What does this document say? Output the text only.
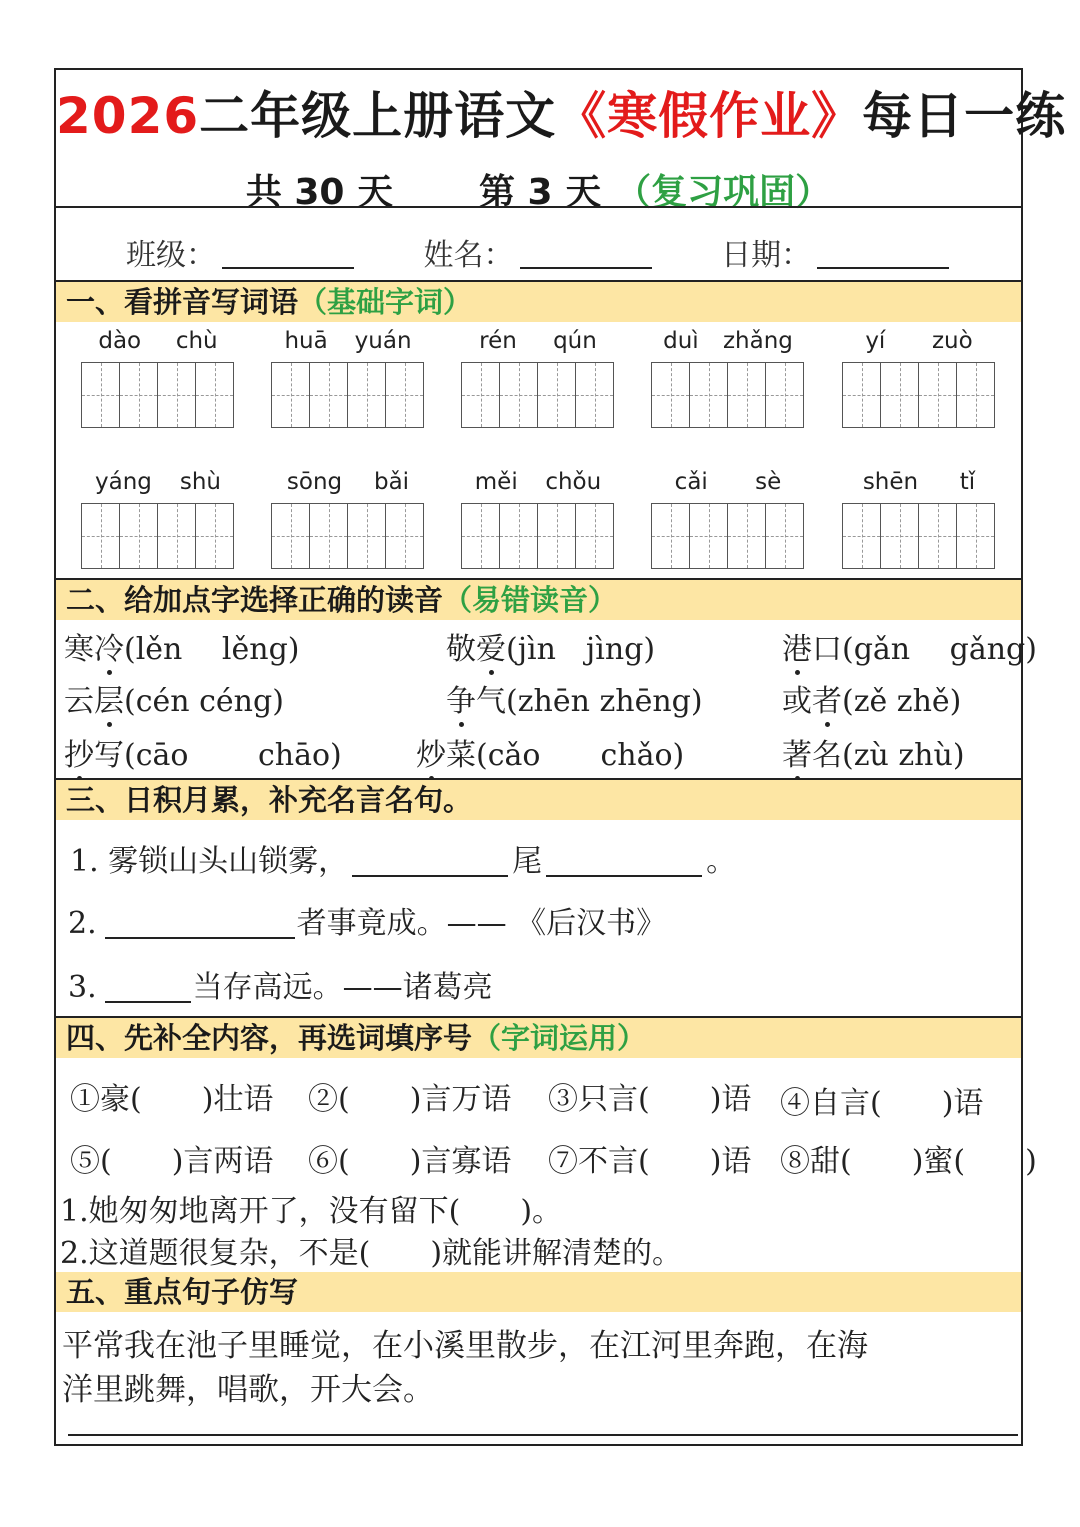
2026二年级上册语文《寒假作业》每日一练
共 30 天 第 3 天 （复习巩固）
班级：	姓名：	日期：
一、看拼音写词语（基础字词）
dào chù	huā yuán	rén qún	duì zhǎng	yí zuò
yáng shù	sōng bǎi	měi chǒu	cǎi sè	shēn tǐ
二、给加点字选择正确的读音（易错读音）
寒冷(lěn　 lěng)	敬爱(jìn　jìng)	港口(gǎn　 gǎng)
云层(cén céng)	争气(zhēn zhēng)	或者(zě zhě)
抄写(cāo　　 chāo) 炒菜(cǎo　　chǎo)	著名(zù zhù)
三、日积月累，补充名言名句。
1. 雾锁山头山锁雾，	尾	。
2.	者事竟成。—— 《后汉书》
3.	当存高远。——诸葛亮
四、先补全内容，再选词填序号（字词运用）
①豪(　　)壮语 ②(　　)言万语 ③只言(　　)语 ④自言(　　)语
⑤(　　)言两语 ⑥(　　)言寡语 ⑦不言(　　)语 ⑧甜(　　)蜜(　　)
1.她匆匆地离开了，没有留下(　　)。
2.这道题很复杂，不是(　　)就能讲解清楚的。
五、重点句子仿写
平常我在池子里睡觉，在小溪里散步，在江河里奔跑，在海
洋里跳舞，唱歌，开大会。
